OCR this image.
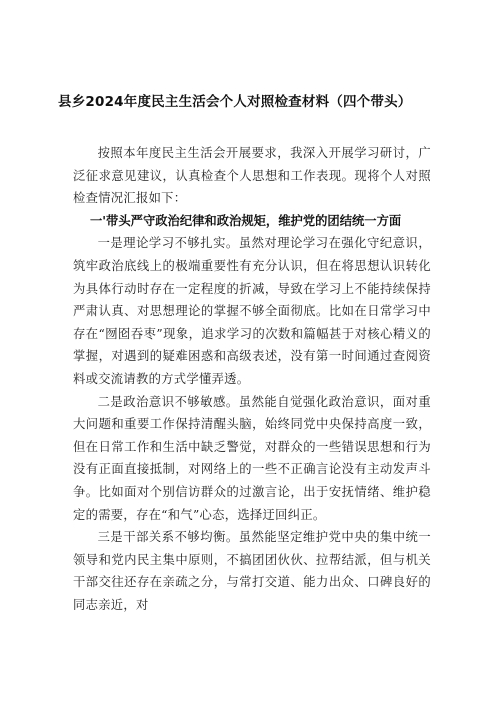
县乡2024年度民主生活会个人对照检查材料（四个带头）

按照本年度民主生活会开展要求，我深入开展学习研讨，广泛征求意见建议，认真检查个人思想和工作表现。现将个人对照检查情况汇报如下：

一'带头严守政治纪律和政治规矩，维护党的团结统一方面

一是理论学习不够扎实。虽然对理论学习在强化守纪意识，筑牢政治底线上的极端重要性有充分认识，但在将思想认识转化为具体行动时存在一定程度的折减，导致在学习上不能持续保持严肃认真、对思想理论的掌握不够全面彻底。比如在日常学习中存在“囫囵吞枣”现象，追求学习的次数和篇幅甚于对核心精义的掌握，对遇到的疑难困惑和高级表述，没有第一时间通过查阅资料或交流请教的方式学懂弄透。

二是政治意识不够敏感。虽然能自觉强化政治意识，面对重大问题和重要工作保持清醒头脑，始终同党中央保持高度一致，但在日常工作和生活中缺乏警觉，对群众的一些错误思想和行为没有正面直接抵制，对网络上的一些不正确言论没有主动发声斗争。比如面对个别信访群众的过激言论，出于安抚情绪、维护稳定的需要，存在“和气”心态，选择迂回纠正。

三是干部关系不够均衡。虽然能坚定维护党中央的集中统一领导和党内民主集中原则，不搞团团伙伙、拉帮结派，但与机关干部交往还存在亲疏之分，与常打交道、能力出众、口碑良好的同志亲近，对
